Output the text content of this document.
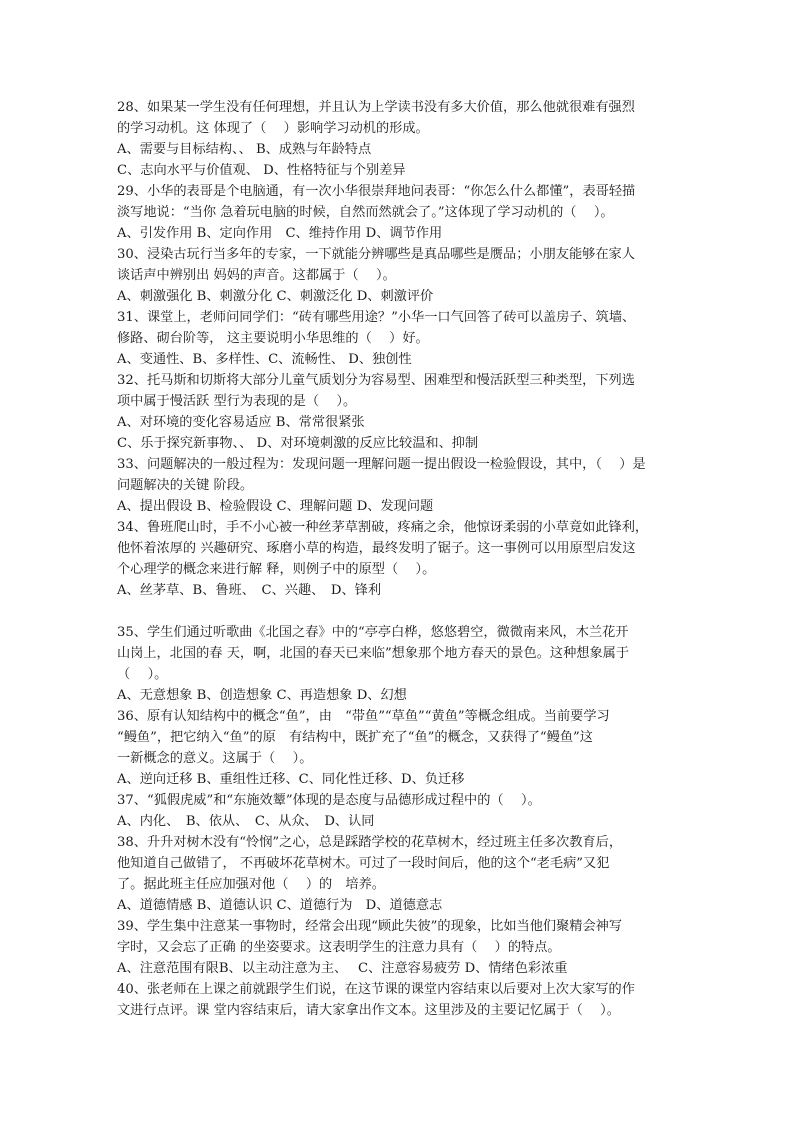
28、如果某一学生没有任何理想，并且认为上学读书没有多大价值，那么他就很难有强烈
的学习动机。这 体现了（　 ）影响学习动机的形成。
A、需要与目标结构、、 B、成熟与年龄特点
C、志向水平与价值观、 D、性格特征与个别差异
29、小华的表哥是个电脑通，有一次小华很崇拜地问表哥：“你怎么什么都懂”，表哥轻描
淡写地说：“当你 急着玩电脑的时候，自然而然就会了。”这体现了学习动机的（　 ）。
A、引发作用 B、定向作用　C、维持作用 D、调节作用
30、浸染古玩行当多年的专家，一下就能分辨哪些是真品哪些是赝品；小朋友能够在家人
谈话声中辨别出 妈妈的声音。这都属于（　 ）。
A、刺激强化 B、刺激分化 C、刺激泛化 D、刺激评价
31、课堂上，老师问同学们：“砖有哪些用途？”小华一口气回答了砖可以盖房子、筑墙、
修路、砌台阶等， 这主要说明小华思维的（　 ）好。
A、变通性、B、多样性、C、流畅性、 D、独创性
32、托马斯和切斯将大部分儿童气质划分为容易型、困难型和慢活跃型三种类型，下列选
项中属于慢活跃 型行为表现的是（　 ）。
A、对环境的变化容易适应 B、常常很紧张
C、乐于探究新事物、、 D、对环境刺激的反应比较温和、抑制
33、问题解决的一般过程为：发现问题一理解问题一提出假设一检验假设，其中，（　 ）是
问题解决的关键 阶段。
A、提出假设 B、检验假设 C、理解问题 D、发现问题
34、鲁班爬山时，手不小心被一种丝茅草割破，疼痛之余，他惊讶柔弱的小草竟如此锋利，
他怀着浓厚的 兴趣研究、琢磨小草的构造，最终发明了锯子。这一事例可以用原型启发这
个心理学的概念来进行解 释，则例子中的原型（　 ）。
A、丝茅草、B、鲁班、　C、兴趣、　D、锋利
35、学生们通过听歌曲《北国之春》中的“亭亭白桦，悠悠碧空，微微南来风，木兰花开
山岗上，北国的春 天，啊，北国的春天已来临”想象那个地方春天的景色。这种想象属于
（　 ）。
A、无意想象 B、创造想象 C、再造想象 D、幻想
36、原有认知结构中的概念“鱼”，由　“带鱼”“草鱼”“黄鱼”等概念组成。当前要学习
“鳗鱼”，把它纳入“鱼”的原　有结构中，既扩充了“鱼”的概念，又获得了“鳗鱼”这
一新概念的意义。这属于（　 ）。
A、逆向迁移 B、重组性迁移、C、同化性迁移、D、负迁移
37、“狐假虎威”和“东施效颦”体现的是态度与品德形成过程中的（　 ）。
A、内化、　B、依从、　C、从众、　D、认同
38、升升对树木没有“怜悯”之心，总是踩踏学校的花草树木，经过班主任多次教育后，
他知道自己做错了， 不再破坏花草树木。可过了一段时间后，他的这个“老毛病”又犯
了。据此班主任应加强对他（　 ）的　培养。
A、道德情感 B、道德认识 C、道德行为　D、道德意志
39、学生集中注意某一事物时，经常会出现“顾此失彼”的现象，比如当他们聚精会神写
字时，又会忘了正确 的坐姿要求。这表明学生的注意力具有（　 ）的特点。
A、注意范围有限B、以主动注意为主、　 C、注意容易疲劳 D、情绪色彩浓重
40、张老师在上课之前就跟学生们说，在这节课的课堂内容结束以后要对上次大家写的作
文进行点评。课 堂内容结束后，请大家拿出作文本。这里涉及的主要记忆属于（　 ）。
